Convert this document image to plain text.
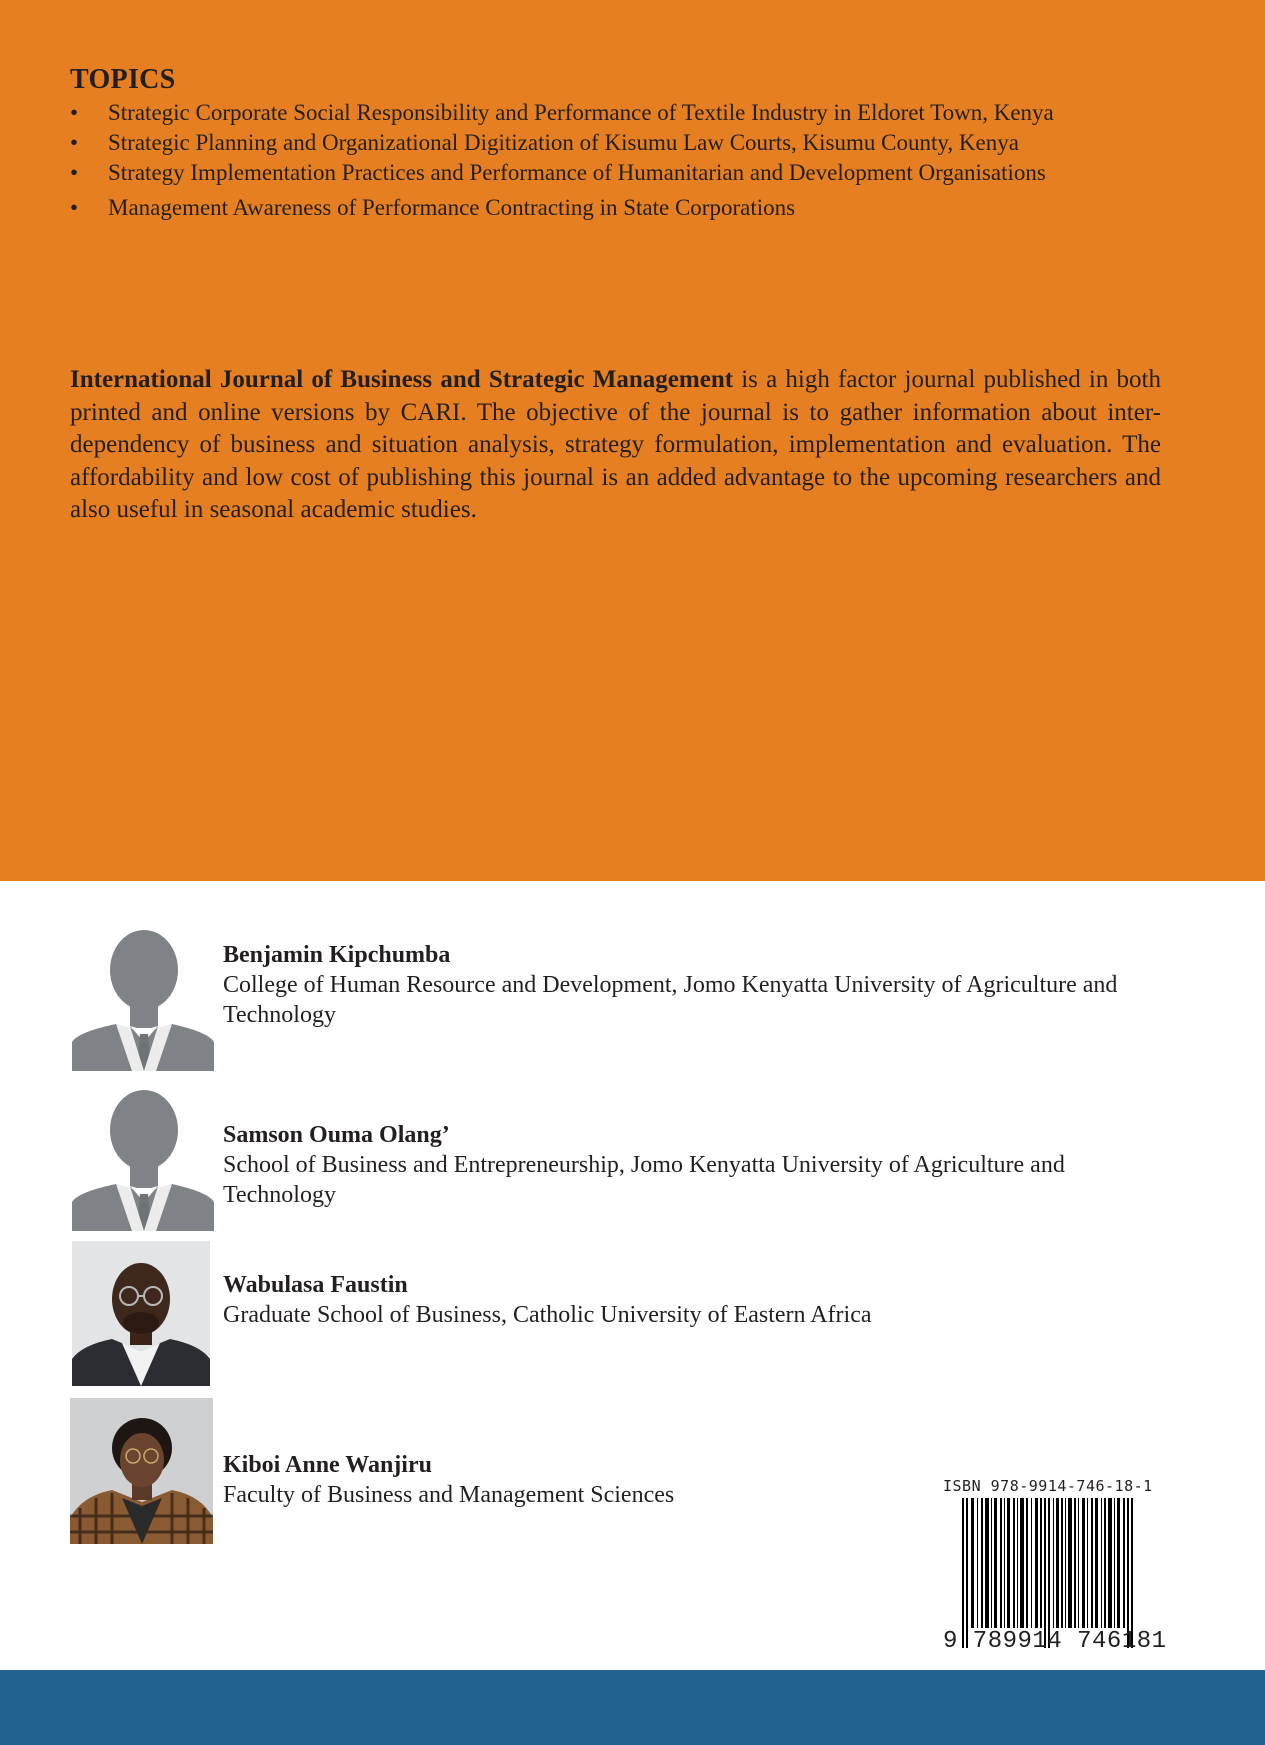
TOPICS
• Strategic Corporate Social Responsibility and Performance of Textile Industry in Eldoret Town, Kenya
• Strategic Planning and Organizational Digitization of Kisumu Law Courts, Kisumu County, Kenya
• Strategy Implementation Practices and Performance of Humanitarian and Development Organisations
• Management Awareness of Performance Contracting in State Corporations

International Journal of Business and Strategic Management is a high factor journal published in both printed and online versions by CARI. The objective of the journal is to gather information about inter-dependency of business and situation analysis, strategy formulation, implementation and evaluation. The affordability and low cost of publishing this journal is an added advantage to the upcoming researchers and also useful in seasonal academic studies.

Benjamin Kipchumba
College of Human Resource and Development, Jomo Kenyatta University of Agriculture and Technology
Samson Ouma Olang’
School of Business and Entrepreneurship, Jomo Kenyatta University of Agriculture and Technology
Wabulasa Faustin
Graduate School of Business, Catholic University of Eastern Africa
Kiboi Anne Wanjiru
Faculty of Business and Management Sciences	ISBN 978-9914-746-18-1
9 789914 746181
